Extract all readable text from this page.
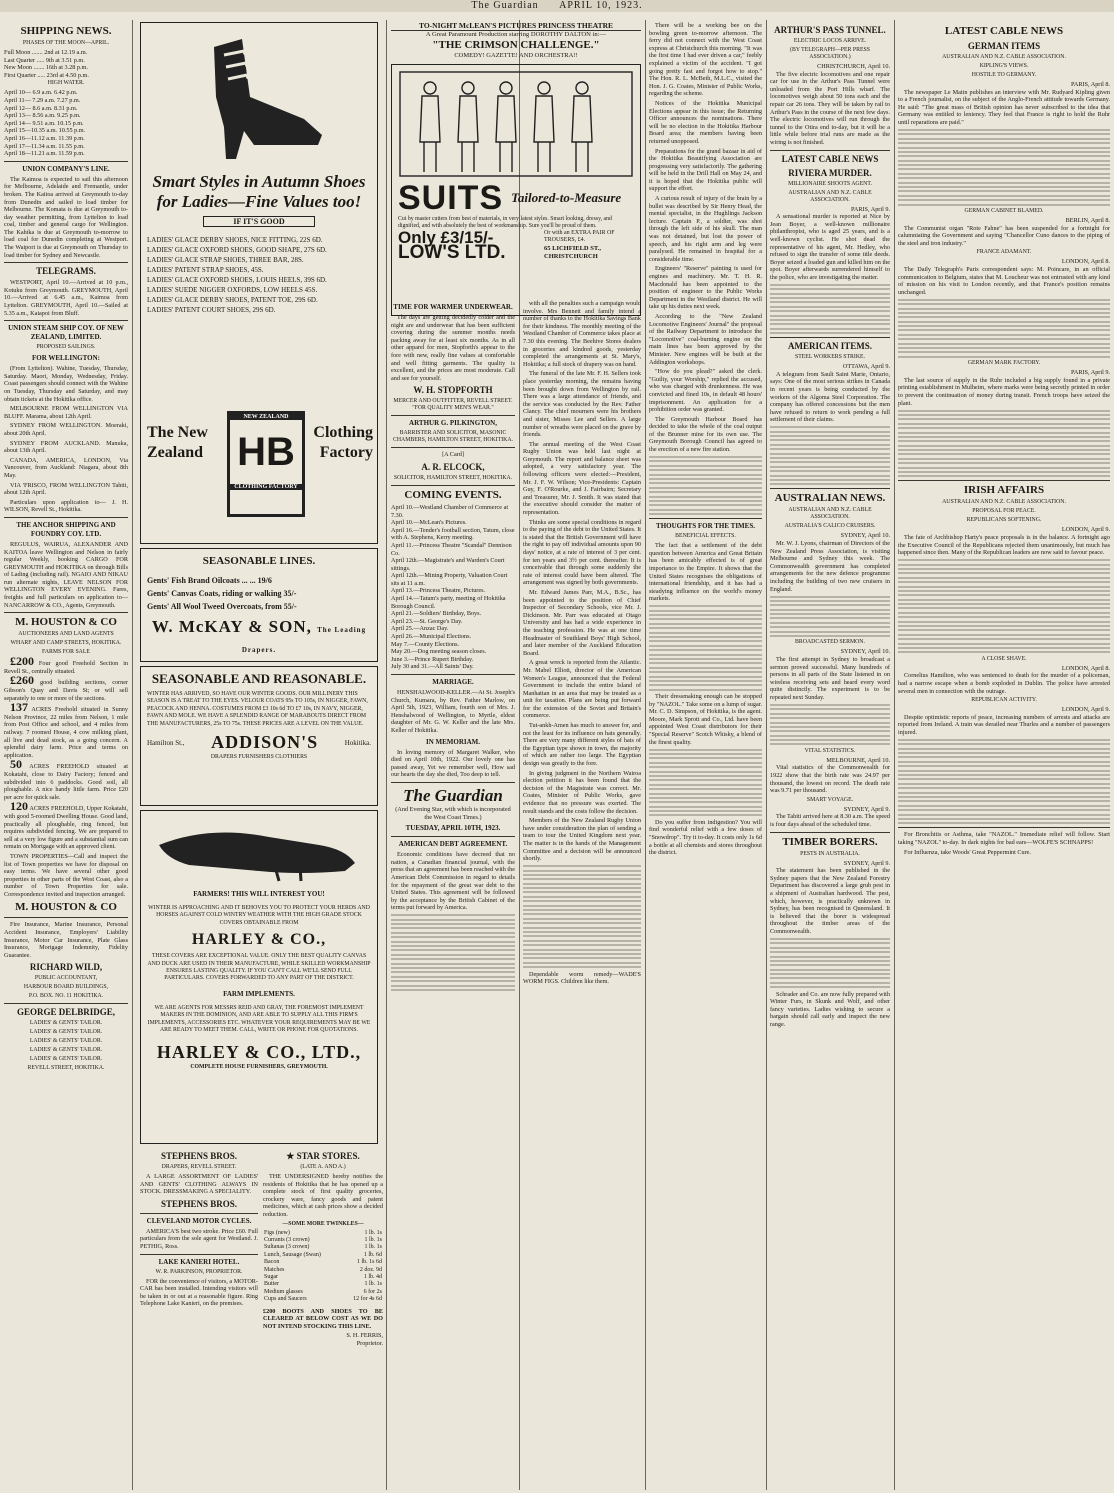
The Guardian APRIL 10, 1923.
SHIPPING NEWS.
PHASES OF THE MOON—APRIL.
Full Moon ....... 2nd at 12.19 a.m.
Last Quarter ..... 9th at 3.51 p.m.
New Moon ....... 16th at 3.28 p.m.
First Quarter ..... 23rd at 4.50 p.m.
HIGH WATER.
April 10— 6.9 a.m. 6.42 p.m.
April 11— 7.29 a.m. 7.27 p.m.
April 12— 8.6 a.m. 8.31 p.m.
April 13— 8.56 a.m. 9.25 p.m.
April 14— 9.51 a.m. 10.15 p.m.
April 15—10.35 a.m. 10.55 p.m.
April 16—11.12 a.m. 11.39 p.m.
April 17—11.34 a.m. 11.55 p.m.
April 18—11.21 a.m. 11.59 p.m.
UNION COMPANY'S LINE.

The Kaimoa is expected to sail this afternoon for Melbourne, Adelaide and Fremantle, under broken. The Kaitoa arrived at Greymouth to-day from Dunedin and sailed to load timber for Melbourne. The Komata is due at Greymouth to-day weather permitting, from Lyttelton to load coal, timber and general cargo for Wellington. The Kahika is due at Greymouth to-morrow to load coal for Dunedin completing at Westport. The Waipori is due at Greymouth on Thursday to load timber for Sydney and Newcastle.

TELEGRAMS.

WESTPORT, April 10.—Arrived at 10 p.m., Kotuku from Greymouth. GREYMOUTH, April 10.—Arrived at 6.45 a.m., Kaimoa from Lyttelton. GREYMOUTH, April 10.—Sailed at 5.35 a.m., Kaiapoi from Bluff.

UNION STEAM SHIP COY. OF NEW ZEALAND, LIMITED.
PROPOSED SAILINGS.
FOR WELLINGTON:

(From Lyttelton). Wahine, Tuesday, Thursday, Saturday. Maori, Monday, Wednesday, Friday. Coast passengers should connect with the Wahine on Tuesday, Thursday and Saturday, and may obtain tickets at the Hokitika office.

MELBOURNE FROM WELLINGTON VIA BLUFF. Marama, about 12th April.

SYDNEY FROM WELLINGTON. Moeraki, about 20th April.

SYDNEY FROM AUCKLAND. Manuka, about 13th April.

CANADA, AMERICA, LONDON, Via Vancouver, from Auckland: Niagara, about 8th May.

VIA 'FRISCO, FROM WELLINGTON Tahiti, about 12th April.

Particulars upon application to— J. H. WILSON, Revell St., Hokitika.

THE ANCHOR SHIPPING AND FOUNDRY COY. LTD.

REGULUS, WAIRUA, ALEXANDER AND KAITOA leave Wellington and Nelson in fairly regular Weekly, booking CARGO FOR GREYMOUTH and HOKITIKA on through Bills of Lading (including rail). NGAIO AND NIKAU run alternate nights, LEAVE NELSON FOR WELLINGTON EVERY EVENING. Fares, freights and full particulars on application to— NANCARROW & CO., Agents, Greymouth.

M. HOUSTON & CO
AUCTIONEERS AND LAND AGENTS
WHARF AND CAMP STREETS, HOKITIKA.
FARMS FOR SALE

£200 Four good Freehold Section in Revell St., centrally situated.

£260 good building sections, corner Gibson's Quay and Davis St; or will sell separately to one or more of the sections.

137 ACRES Freehold situated in Sunny Nelson Province, 22 miles from Nelson, 1 mile from Post Office and school, and 4 miles from railway. 7 roomed House, 4 cow milking plant, all live and dead stock, as a going concern. A splendid dairy farm. Price and terms on application.

50 ACRES FREEHOLD situated at Kokatahi, close to Dairy Factory; fenced and subdivided into 6 paddocks. Good soil, all ploughable. A nice handy little farm. Price £20 per acre for quick sale.

120 ACRES FREEHOLD, Upper Kokatahi, with good 5-roomed Dwelling House. Good land, practically all ploughable, ring fenced, but requires subdivided fencing. We are prepared to sell at a very low figure and a substantial sum can remain on Mortgage with an approved client.

TOWN PROPERTIES—Call and inspect the list of Town properties we have for disposal on easy terms. We have several other good properties in other parts of the West Coast, also a number of Town Properties for sale. Correspondence invited and inspection arranged.

M. HOUSTON & CO

Fire Insurance, Marine Insurance, Personal Accident Insurance, Employers' Liability Insurance, Motor Car Insurance, Plate Glass Insurance, Mortgage Indemnity, Fidelity Guarantee.

RICHARD WILD,
PUBLIC ACCOUNTANT,
HARBOUR BOARD BUILDINGS,
P.O. BOX. NO. 11 HOKITIKA.
GEORGE DELBRIDGE,
LADIES' & GENTS' TAILOR.
LADIES' & GENTS' TAILOR.
LADIES' & GENTS' TAILOR.
LADIES' & GENTS' TAILOR.
LADIES' & GENTS' TAILOR.
REVELL STREET, HOKITIKA.
Smart Styles in Autumn Shoes for Ladies—Fine Values too!
IF IT'S GOOD
LADIES' GLACE DERBY SHOES, NICE FITTING, 22S 6D.
LADIES' GLACE OXFORD SHOES, GOOD SHAPE, 27S 6D.
LADIES' GLACE STRAP SHOES, THREE BAR, 28S.
LADIES' PATENT STRAP SHOES, 45S.
LADIES' GLACE OXFORD SHOES, LOUIS HEELS, 39S 6D.
LADIES' SUEDE NIGGER OXFORDS, LOW HEELS 45S.
LADIES' GLACE DERBY SHOES, PATENT TOE, 29S 6D.
LADIES' PATENT COURT SHOES, 29S 6D.
The New Zealand
NEW ZEALAND
HB
CLOTHING FACTORY
Clothing Factory
SEASONABLE LINES.
Gents' Fish Brand Oilcoats ... ... 19/6
Gents' Canvas Coats, riding or walking 35/-
Gents' All Wool Tweed Overcoats, from 55/-
W. McKAY & SON, The Leading Drapers.
SEASONABLE AND REASONABLE.
WINTER HAS ARRIVED, SO HAVE OUR WINTER GOODS. OUR MILLINERY THIS SEASON IS A TREAT TO THE EYES. VELOUR COATS 95s TO 105s, IN NIGGER, FAWN, PEACOCK AND HENNA. COSTUMES FROM £3 10s 6d TO £7 10s, IN NAVY, NIGGER, FAWN AND MOLE. WE HAVE A SPLENDID RANGE OF MARABOUTS DIRECT FROM THE MANUFACTURERS, 25s TO 75s. THESE PRICES ARE A LEVEL ON THE VALUE.
Hamilton St., ADDISON'S	Hokitika.
DRAPERS FURNISHERS CLOTHIERS
FARMERS! THIS WILL INTEREST YOU!
WINTER IS APPROACHING AND IT BEHOVES YOU TO PROTECT YOUR HERDS AND HORSES AGAINST COLD WINTRY WEATHER WITH THE HIGH GRADE STOCK COVERS OBTAINABLE FROM
HARLEY & CO.,
THESE COVERS ARE EXCEPTIONAL VALUE. ONLY THE BEST QUALITY CANVAS AND DUCK ARE USED IN THEIR MANUFACTURE, WHILE SKILLED WORKMANSHIP ENSURES LASTING QUALITY. IF YOU CAN'T CALL WE'LL SEND FULL PARTICULARS. COVERS FORWARDED TO ANY PART OF THE DISTRICT.
FARM IMPLEMENTS.
WE ARE AGENTS FOR MESSRS REID AND GRAY, THE FOREMOST IMPLEMENT MAKERS IN THE DOMINION, AND ARE ABLE TO SUPPLY ALL THIS FIRM'S IMPLEMENTS, ACCESSORIES ETC. WHATEVER YOUR REQUIREMENTS MAY BE WE ARE READY TO MEET THEM. CALL, WRITE OR PHONE FOR QUOTATIONS.
HARLEY & CO., LTD.,
COMPLETE HOUSE FURNISHERS, GREYMOUTH.
STEPHENS BROS.
DRAPERS, REVELL STREET.

A LARGE ASSORTMENT OF LADIES' AND GENTS' CLOTHING ALWAYS IN STOCK. DRESSMAKING A SPECIALITY.

STEPHENS BROS.
CLEVELAND MOTOR CYCLES.

AMERICA'S best two stroke. Price £60. Full particulars from the sole agent for Westland. J. PETHIG, Ross.

LAKE KANIERI HOTEL.
W. R. PARKINSON, PROPRIETOR.

FOR the convenience of visitors, a MOTOR-CAR has been installed. Intending visitors will be taken in or out at a reasonable figure. Ring Telephone Lake Kanieri, on the premises.

★ STAR STORES.
(LATE A. AND A.)

THE UNDERSIGNED hereby notifies the residents of Hokitika that he has opened up a complete stock of first quality groceries, crockery ware, fancy goods and patent medicines, which at cash prices show a decided reduction.

—SOME MORE TWINKLES—
Figs (new)	1 lb. 1s
Currants (3 crown)	1 lb. 1s
Sultanas (3 crown)	1 lb. 1s
Lunch, Sausage (Swan)	1 lb. 6d
Bacon	1 lb. 1s 6d
Matches	2 doz. 9d
Sugar	1 lb. 4d
Butter	1 lb. 1s
Medium glasses	6 for 2s
Cups and Saucers	12 for 4s 6d

£200 BOOTS AND SHOES TO BE CLEARED AT BELOW COST AS WE DO NOT INTEND STOCKING THIS LINE.

S. H. FERRIS,
Proprietor.
TO-NIGHT McLEAN'S PICTURES PRINCESS THEATRE
A Great Paramount Production starring DOROTHY DALTON in:—
"THE CRIMSON CHALLENGE."
COMEDY! GAZETTE! AND ORCHESTRA!!
SUITS Tailored-to-Measure
Cut by master cutters from best of materials, in very latest styles. Smart looking, dressy, and dignified, and with absolutely the best of workmanship. Sure you'll be proud of them.
Only £3/15/-	Or with an EXTRA PAIR OF TROUSERS, £4.
LOW'S LTD.	65 LICHFIELD ST., CHRISTCHURCH
TIME FOR WARMER UNDERWEAR.

The days are getting decidedly colder and the night are and underwear that has been sufficient covering during the summer months needs packing away for at least six months. As in all other apparel for men, Stopforth's appear to the fore with new, really fine values at comfortable and well fitting garments. The quality is excellent, and the prices are most moderate. Call and see for yourself.

W. H. STOPFORTH
MERCER AND OUTFITTER, REVELL STREET. "FOR QUALITY MEN'S WEAR."
ARTHUR G. PILKINGTON,
BARRISTER AND SOLICITOR, MASONIC CHAMBERS, HAMILTON STREET, HOKITIKA.
[A Card]
A. R. ELCOCK,
SOLICITOR, HAMILTON STREET, HOKITIKA.
COMING EVENTS.
April 10.—Westland Chamber of Commerce at 7.30.
April 10.—McLean's Pictures.
April 16.—Tender's football section, Tatum, close with A. Stephens, Kerry meeting.
April 11.—Princess Theatre "Scandal" Dennison Co.
April 12th.—Magistrate's and Warden's Court sittings.
April 12th.—Mining Property, Valuation Court sits at 11 a.m.
April 13.—Princess Theatre, Pictures.
April 14.—Tatum's party, meeting of Hokitika Borough Council.
April 21.—Soldiers' Birthday, Boys.
April 23.—St. George's Day.
April 25.—Anzac Day.
April 26.—Municipal Elections.
May 7.—County Elections.
May 20.—Dog meeting season closes.
June 3.—Prince Rupert Birthday.
July 30 and 31.—All Saints' Day.
MARRIAGE.

HENSHALWOOD-KELLER.—At St. Joseph's Church, Kumara, by Rev. Father Marlow, on April 5th, 1923, William, fourth son of Mrs. J. Henshalwood of Wellington, to Myrtle, eldest daughter of Mr. G. W. Keller and the late Mrs. Keller of Hokitika.

IN MEMORIAM.

In loving memory of Margaret Walker, who died on April 10th, 1922. Our lovely one has passed away, Yet we remember well, How sad our hearts the day she died, Too deep to tell.

The Guardian
(And Evening Star, with which is incorporated the West Coast Times.)
TUESDAY, APRIL 10TH, 1923.
AMERICAN DEBT AGREEMENT.

Economic conditions have decreed that no nation, a Canadian financial journal, with the press that an agreement has been reached with the American Debt Commission in regard to details for the repayment of the great war debt to the United States. This agreement will be followed by the acceptance by the British Cabinet of the terms put forward by America.

with all the penalties such a campaign would involve. Mrs Bennett and family intend a number of thanks to the Hokitika Savings Bank for their kindness. The monthly meeting of the Westland Chamber of Commerce takes place at 7.30 this evening. The Beehive Stores dealers in groceries and kindred goods, yesterday completed the arrangements at St. Mary's, Hokitika; a full stock of drapery was on hand.

The funeral of the late Mr. F. H. Sellers took place yesterday morning, the remains having been brought down from Wellington by rail. There was a large attendance of friends, and the service was conducted by the Rev. Father Clancy. The chief mourners were his brothers and sister, Misses Lee and Sellers. A large number of wreaths were placed on the grave by friends.

The annual meeting of the West Coast Rugby Union was held last night at Greymouth. The report and balance sheet was adopted, a very satisfactory year. The following officers were elected:—President, Mr. J. F. W. Wilson; Vice-Presidents: Captain Guy, F. O'Rourke, and J. Fairbairn; Secretary and Treasurer, Mr. J. Smith. It was stated that the executive should consider the matter of representation.

Thinks are some special conditions in regard to the paying of the debt to the United States. It is stated that the British Government will have the right to pay off individual amounts upon 90 days' notice, at a rate of interest of 3 per cent. for ten years and 3½ per cent. thereafter. It is conceivable that through some suddenly the rate of interest could have been altered. The arrangement was signed by both governments.

Mr. Edward James Parr, M.A., B.Sc., has been appointed to the position of Chief Inspector of Secondary Schools, vice Mr. J. Dickinson. Mr. Parr was educated at Otago University and has had a wide experience in the teaching profession. He was at one time Headmaster of Southland Boys' High School, and later member of the Auckland Education Board.

A great wreck is reported from the Atlantic. Mr. Mabel Elliott, director of the American Women's League, announced that the Federal Government to include the entire Island of Manhattan in an area that may be treated as a unit for taxation. Plans are being put forward for the extension of the Soviet and Britain's commerce.

Tut-ankh-Amen has much to answer for, and not the least for its influence on hats generally. There are very many different styles of hats of the Egyptian type shown in town, the majority of which are rather too large. The Egyptian design was greatly to the fore.

In giving judgment in the Northern Wairoa election petition it has been found that the decision of the Magistrate was correct. Mr. Coates, Minister of Public Works, gave evidence that no pressure was exerted. The result stands and the costs follow the decision.

Members of the New Zealand Rugby Union have under consideration the plan of sending a team to tour the United Kingdom next year. The matter is in the hands of the Management Committee and a decision will be announced shortly.

Dependable worm remedy—WADE'S WORM FIGS. Children like them.

There will be a working bee on the bowling green to-morrow afternoon. The ferry did not connect with the West Coast express at Christchurch this morning. "It was the first time I had ever driven a car," feebly explained a victim of the accident. "I got going pretty fast and forgot how to stop." The Hon. R. L. McBeth, M.L.C., visited the Hon. J. G. Coates, Minister of Public Works, regarding the scheme.

Notices of the Hokitika Municipal Elections appear in this issue; the Returning Officer announces the nominations. There will be no election in the Hokitika Harbour Board area; the members having been returned unopposed.

Preparations for the grand bazaar in aid of the Hokitika Beautifying Association are progressing very satisfactorily. The gathering will be held in the Drill Hall on May 24, and it is hoped that the Hokitika public will support the effort.

A curious result of injury of the brain by a bullet was described by Sir Henry Head, the mental specialist, in the Hughlings Jackson lecture. Captain P., a soldier, was shot through the left side of his skull. The man was not detained, but lost the power of speech, and his right arm and leg were paralysed. He remained in hospital for a considerable time.

Engineers' "Reserve" painting is used for engines and machinery. Mr. T. H. R. Macdonald has been appointed to the position of engineer to the Public Works Department in the Westland district. He will take up his duties next week.

According to the "New Zealand Locomotive Engineers' Journal" the proposal of the Railway Department to introduce the "Locomotive" coal-burning engine on the main lines has been approved by the Minister. New engines will be built at the Addington workshops.

"How do you plead?" asked the clerk. "Guilty, your Worship," replied the accused, who was charged with drunkenness. He was convicted and fined 10s, in default 48 hours' imprisonment. An application for a prohibition order was granted.

The Greymouth Harbour Board has decided to take the whole of the coal output of the Brunner mine for its own use. The Greymouth Borough Council has agreed to the erection of a new fire station.

THOUGHTS FOR THE TIMES.
BENEFICIAL EFFECTS.

The fact that a settlement of the debt question between America and Great Britain has been amicably effected is of great importance to the Empire. It shows that the United States recognises the obligations of international friendship, and it has had a steadying influence on the world's money markets.

Their dressmaking enough can be stopped by "NAZOL." Take some on a lump of sugar. Mr. C. D. Simpson, of Hokitika, is the agent. Moore, Mark Sprott and Co., Ltd. have been appointed West Coast distributors for their "Special Reserve" Scotch Whisky, a blend of the finest quality.

Do you suffer from indigestion? You will find wonderful relief with a few doses of "Snowdrop". Try it to-day. It costs only 1s 6d a bottle at all chemists and stores throughout the district.

ARTHUR'S PASS TUNNEL.
ELECTRIC LOCOS ARRIVE.
(BY TELEGRAPH—PER PRESS ASSOCIATION.)
CHRISTCHURCH, April 10.

The five electric locomotives and one repair car for use in the Arthur's Pass Tunnel were unloaded from the Port Hills wharf. The locomotives weigh about 50 tons each and the repair car 26 tons. They will be taken by rail to Arthur's Pass in the course of the next few days. The electric locomotives will run through the tunnel to the Otira end to-day, but it will be a little while before trial runs are made as the wiring is not finished.

LATEST CABLE NEWS
RIVIERA MURDER.
MILLIONAIRE SHOOTS AGENT.
AUSTRALIAN AND N.Z. CABLE ASSOCIATION.
PARIS, April 9.

A sensational murder is reported at Nice by Jean Boyer, a well-known millionaire philanthropist, who is aged 25 years, and is a well-known cyclist. He shot dead the representative of his agent, Mr. Hedley, who refused to sign the transfer of some title deeds. Boyer seized a loaded gun and killed him on the spot. Boyer afterwards surrendered himself to the police, who are investigating the matter.

AMERICAN ITEMS.
STEEL WORKERS STRIKE.
OTTAWA, April 9.

A telegram from Sault Saint Marie, Ontario, says: One of the most serious strikes in Canada in recent years is being conducted by the workers of the Algoma Steel Corporation. The company has offered concessions but the men have refused to return to work pending a full settlement of their claims.

AUSTRALIAN NEWS.
AUSTRALIAN AND N.Z. CABLE ASSOCIATION.
AUSTRALIA'S CALICO CRUISERS.
SYDNEY, April 10.

Mr. W. J. Lyons, chairman of Directors of the New Zealand Press Association, is visiting Melbourne and Sydney this week. The Commonwealth government has completed arrangements for the new defence programme including the building of two new cruisers in England.

BROADCASTED SERMON.
SYDNEY, April 10.

The first attempt in Sydney to broadcast a sermon proved successful. Many hundreds of persons in all parts of the State listened in on wireless receiving sets and heard every word quite distinctly. The experiment is to be repeated next Sunday.

VITAL STATISTICS.
MELBOURNE, April 10.

Vital statistics of the Commonwealth for 1922 show that the birth rate was 24.97 per thousand, the lowest on record. The death rate was 9.71 per thousand.

SMART VOYAGE.
SYDNEY, April 9.

The Tahiti arrived here at 8.30 a.m. The speed is four days ahead of the scheduled time.

TIMBER BORERS.
PESTS IN AUSTRALIA.
SYDNEY, April 9.

The statement has been published in the Sydney papers that the New Zealand Forestry Department has discovered a large grub pest in a shipment of Australian hardwood. The pest, which, however, is practically unknown in Sydney, has been recognised in Queensland. It is believed that the borer is widespread throughout the timber areas of the Commonwealth.

Schrader and Co. are now fully prepared with Winter Furs, in Skunk and Wolf, and other fancy varieties. Ladies wishing to secure a bargain should call early and inspect the new range.

LATEST CABLE NEWS
GERMAN ITEMS
AUSTRALIAN AND N.Z. CABLE ASSOCIATION.
KIPLING'S VIEWS.
HOSTILE TO GERMANY.
PARIS, April 8.

The newspaper Le Matin publishes an interview with Mr. Rudyard Kipling given to a French journalist, on the subject of the Anglo-French attitude towards Germany. He said: "The great mass of British opinion has never subscribed to the idea that Germany was entitled to leniency. They feel that France is right to hold the Ruhr until reparations are paid."

GERMAN CABINET BLAMED.
BERLIN, April 8.

The Communist organ "Rote Fahne" has been suspended for a fortnight for calumniating the Government and saying "Chancellor Cuno dances to the piping of the steel and iron industry."

FRANCE ADAMANT.
LONDON, April 8.

The Daily Telegraph's Paris correspondent says: M. Poincare, in an official communication to Belgium, states that M. Loucheur was not entrusted with any kind of mission on his visit to London recently, and that France's position remains unchanged.

GERMAN MARK FACTORY.
PARIS, April 9.

The last source of supply in the Ruhr included a big supply found in a private printing establishment in Mulheim, where marks were being secretly printed in order to prevent the continuation of money during transit. French troops have seized the plant.

IRISH AFFAIRS
AUSTRALIAN AND N.Z. CABLE ASSOCIATION.
PROPOSAL FOR PEACE.
REPUBLICANS SOFTENING.
LONDON, April 9.

The fate of Archbishop Harty's peace proposals is in the balance. A fortnight ago the Executive Council of the Republicans rejected them unanimously, but much has happened since then. Many of the Republican leaders are now said to favour peace.

A CLOSE SHAVE.
LONDON, April 8.

Cornelius Hamilton, who was sentenced to death for the murder of a policeman, had a narrow escape when a bomb exploded in Dublin. The police have arrested several men in connection with the outrage.

REPUBLICAN ACTIVITY.
LONDON, April 9.

Despite optimistic reports of peace, increasing numbers of arrests and attacks are reported from Ireland. A train was derailed near Thurles and a number of passengers injured.

For Bronchitis or Asthma, take "NAZOL." Immediate relief will follow. Start taking "NAZOL" to-day. In dark nights for bad ears—WOLFE'S SCHNAPPS!

For Influenza, take Woods' Great Peppermint Cure.
